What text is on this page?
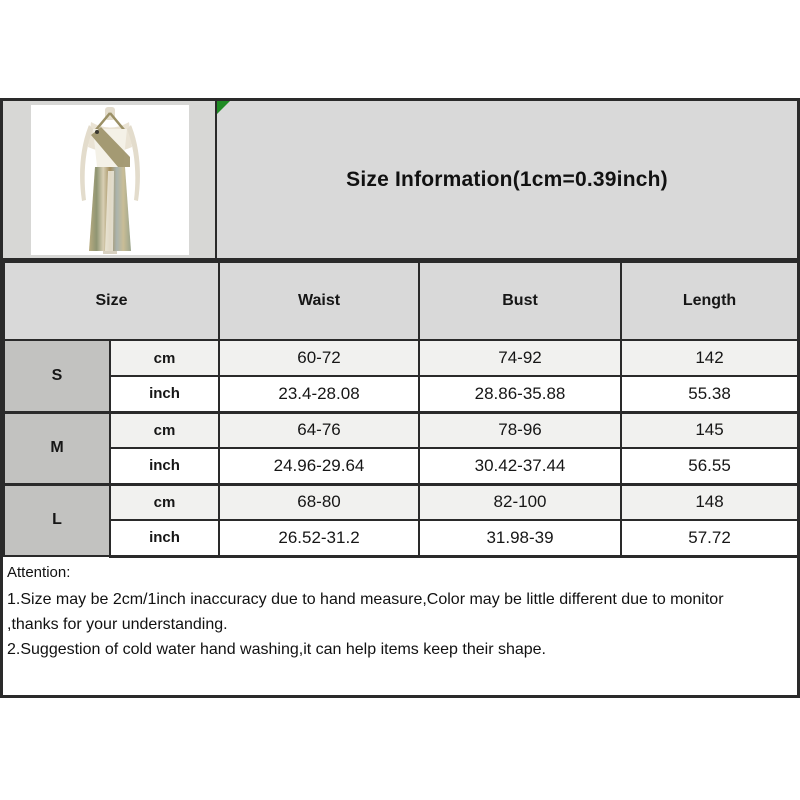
Size Information(1cm=0.39inch)
Size		Waist	Bust	Length
S	cm	60-72	74-92	142
	inch	23.4-28.08	28.86-35.88	55.38
M	cm	64-76	78-96	145
	inch	24.96-29.64	30.42-37.44	56.55
L	cm	68-80	82-100	148
	inch	26.52-31.2	31.98-39	57.72
Attention:
1.Size may be 2cm/1inch inaccuracy due to hand measure,Color may be little different due to monitor
,thanks for your understanding.
2.Suggestion of cold water hand washing,it can help items keep their shape.
